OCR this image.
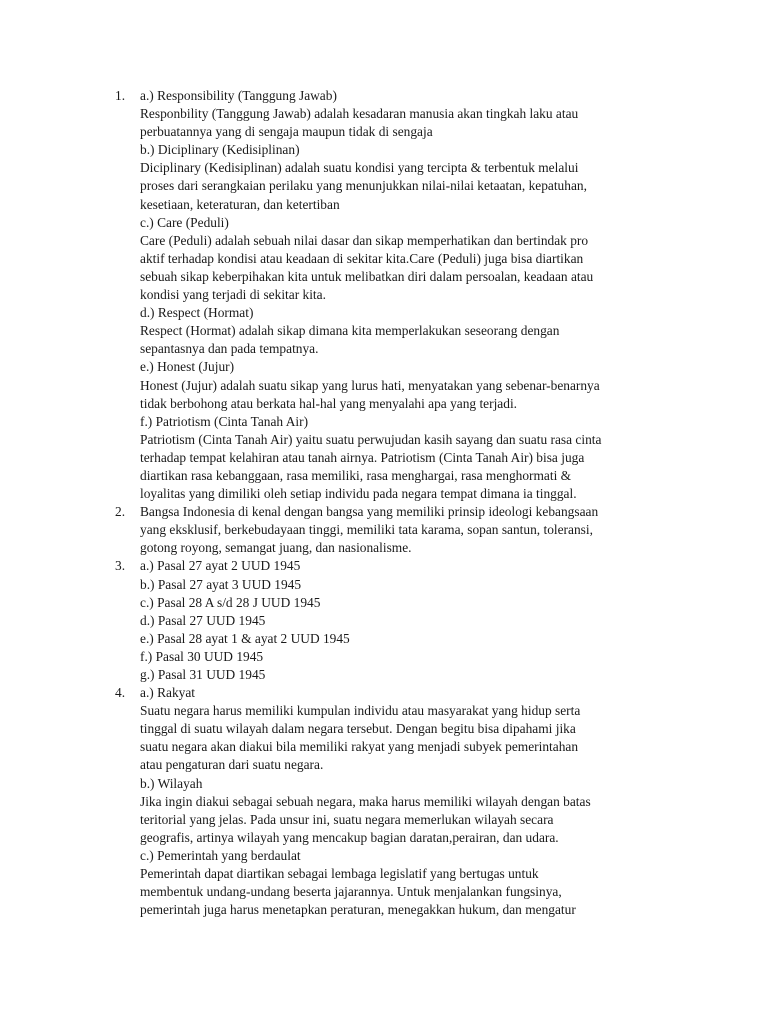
1. a.) Responsibility (Tanggung Jawab)
Responbility (Tanggung Jawab) adalah kesadaran manusia akan tingkah laku atau
perbuatannya yang di sengaja maupun tidak di sengaja
b.) Diciplinary (Kedisiplinan)
Diciplinary (Kedisiplinan) adalah suatu kondisi yang tercipta & terbentuk melalui
proses dari serangkaian perilaku yang menunjukkan nilai-nilai ketaatan, kepatuhan,
kesetiaan, keteraturan, dan ketertiban
c.) Care (Peduli)
Care (Peduli) adalah sebuah nilai dasar dan sikap memperhatikan dan bertindak pro
aktif terhadap kondisi atau keadaan di sekitar kita.Care (Peduli) juga bisa diartikan
sebuah sikap keberpihakan kita untuk melibatkan diri dalam persoalan, keadaan atau
kondisi yang terjadi di sekitar kita.
d.) Respect (Hormat)
Respect (Hormat) adalah sikap dimana kita memperlakukan seseorang dengan
sepantasnya dan pada tempatnya.
e.) Honest (Jujur)
Honest (Jujur) adalah suatu sikap yang lurus hati, menyatakan yang sebenar-benarnya
tidak berbohong atau berkata hal-hal yang menyalahi apa yang terjadi.
f.) Patriotism (Cinta Tanah Air)
Patriotism (Cinta Tanah Air) yaitu suatu perwujudan kasih sayang dan suatu rasa cinta
terhadap tempat kelahiran atau tanah airnya. Patriotism (Cinta Tanah Air) bisa juga
diartikan rasa kebanggaan, rasa memiliki, rasa menghargai, rasa menghormati &
loyalitas yang dimiliki oleh setiap individu pada negara tempat dimana ia tinggal.
2. Bangsa Indonesia di kenal dengan bangsa yang memiliki prinsip ideologi kebangsaan
yang eksklusif, berkebudayaan tinggi, memiliki tata karama, sopan santun, toleransi,
gotong royong, semangat juang, dan nasionalisme.
3. a.) Pasal 27 ayat 2 UUD 1945
b.) Pasal 27 ayat 3 UUD 1945
c.) Pasal 28 A s/d 28 J UUD 1945
d.) Pasal 27 UUD 1945
e.) Pasal 28 ayat 1 & ayat 2 UUD 1945
f.) Pasal 30 UUD 1945
g.) Pasal 31 UUD 1945
4. a.) Rakyat
Suatu negara harus memiliki kumpulan individu atau masyarakat yang hidup serta
tinggal di suatu wilayah dalam negara tersebut. Dengan begitu bisa dipahami jika
suatu negara akan diakui bila memiliki rakyat yang menjadi subyek pemerintahan
atau pengaturan dari suatu negara.
b.) Wilayah
Jika ingin diakui sebagai sebuah negara, maka harus memiliki wilayah dengan batas
teritorial yang jelas. Pada unsur ini, suatu negara memerlukan wilayah secara
geografis, artinya wilayah yang mencakup bagian daratan,perairan, dan udara.
c.) Pemerintah yang berdaulat
Pemerintah dapat diartikan sebagai lembaga legislatif yang bertugas untuk
membentuk undang-undang beserta jajarannya. Untuk menjalankan fungsinya,
pemerintah juga harus menetapkan peraturan, menegakkan hukum, dan mengatur
